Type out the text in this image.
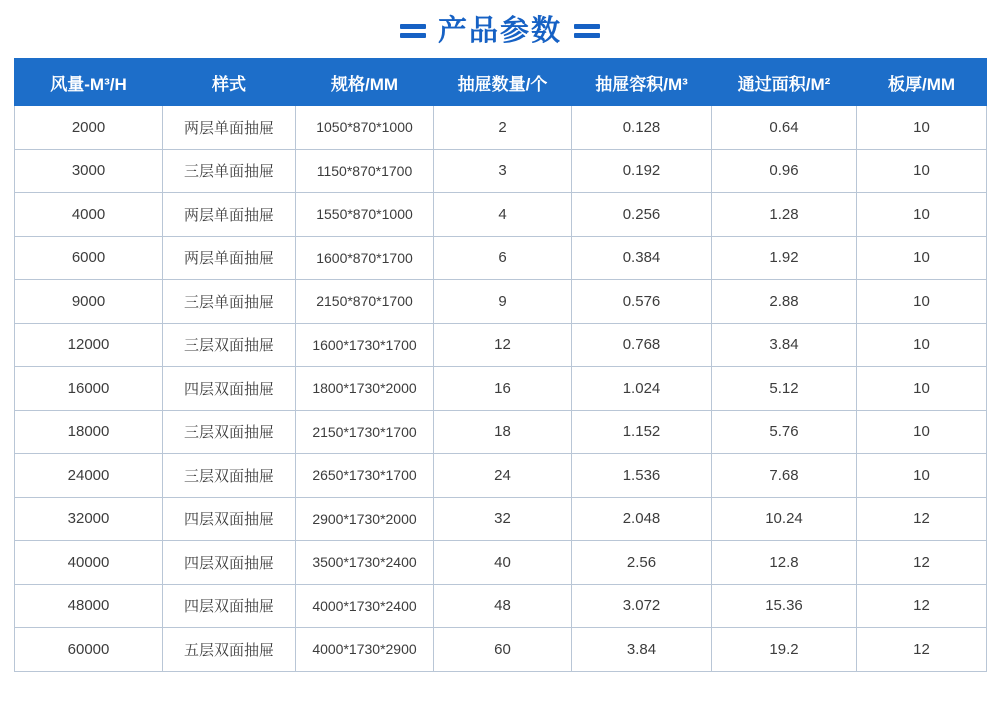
产品参数
风量-M³/H	样式	规格/MM	抽屉数量/个	抽屉容积/M³	通过面积/M²	板厚/MM
2000	两层单面抽屉	1050*870*1000	2	0.128	0.64	10
3000	三层单面抽屉	1150*870*1700	3	0.192	0.96	10
4000	两层单面抽屉	1550*870*1000	4	0.256	1.28	10
6000	两层单面抽屉	1600*870*1700	6	0.384	1.92	10
9000	三层单面抽屉	2150*870*1700	9	0.576	2.88	10
12000	三层双面抽屉	1600*1730*1700	12	0.768	3.84	10
16000	四层双面抽屉	1800*1730*2000	16	1.024	5.12	10
18000	三层双面抽屉	2150*1730*1700	18	1.152	5.76	10
24000	三层双面抽屉	2650*1730*1700	24	1.536	7.68	10
32000	四层双面抽屉	2900*1730*2000	32	2.048	10.24	12
40000	四层双面抽屉	3500*1730*2400	40	2.56	12.8	12
48000	四层双面抽屉	4000*1730*2400	48	3.072	15.36	12
60000	五层双面抽屉	4000*1730*2900	60	3.84	19.2	12
